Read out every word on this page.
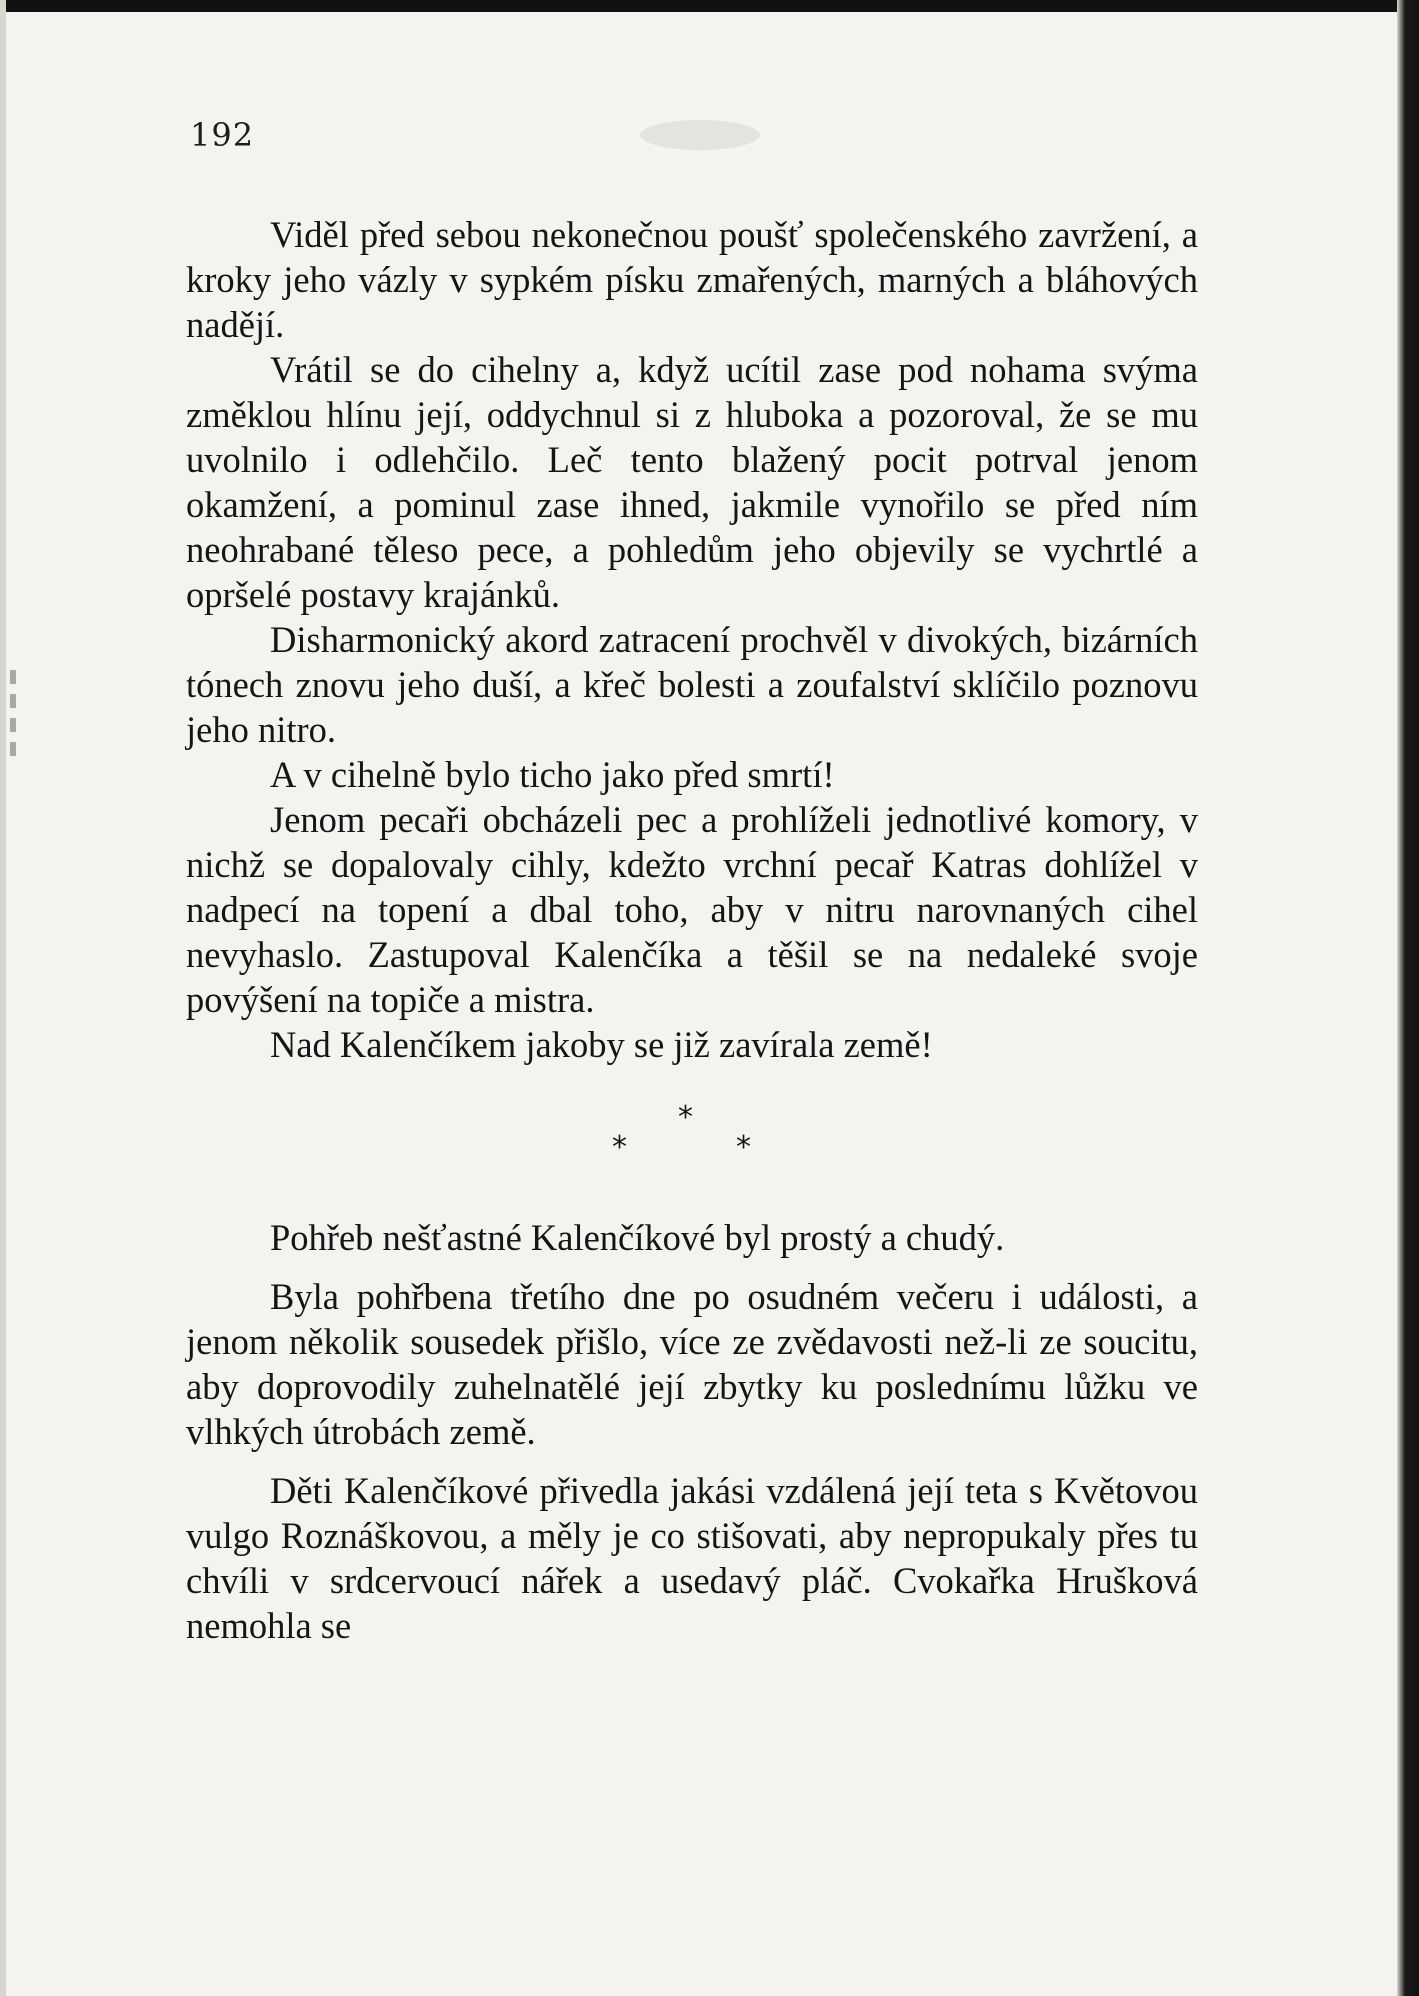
192

Viděl před sebou nekonečnou poušť společenského zavržení, a kroky jeho vázly v sypkém písku zmařených, marných a bláhových nadějí.

Vrátil se do cihelny a, když ucítil zase pod nohama svýma změklou hlínu její, oddychnul si z hluboka a pozoroval, že se mu uvolnilo i odlehčilo. Leč tento blažený pocit potrval jenom okamžení, a pominul zase ihned, jakmile vynořilo se před ním neohrabané těleso pece, a pohledům jeho objevily se vychrtlé a opršelé postavy krajánků.

Disharmonický akord zatracení prochvěl v divokých, bizárních tónech znovu jeho duší, a křeč bolesti a zoufalství sklíčilo poznovu jeho nitro.

A v cihelně bylo ticho jako před smrtí!

Jenom pecaři obcházeli pec a prohlíželi jednotlivé komory, v nichž se dopalovaly cihly, kdežto vrchní pecař Katras dohlížel v nadpecí na topení a dbal toho, aby v nitru narovnaných cihel nevyhaslo. Zastupoval Kalenčíka a těšil se na nedaleké svoje povýšení na topiče a mistra.

Nad Kalenčíkem jakoby se již zavírala země!

*
*	*

Pohřeb nešťastné Kalenčíkové byl prostý a chudý.

Byla pohřbena třetího dne po osudném večeru i události, a jenom několik sousedek přišlo, více ze zvědavosti než-li ze soucitu, aby doprovodily zuhelnatělé její zbytky ku poslednímu lůžku ve vlhkých útrobách země.

Děti Kalenčíkové přivedla jakási vzdálená její teta s Květovou vulgo Roznáškovou, a měly je co stišovati, aby nepropukaly přes tu chvíli v srdcervoucí nářek a usedavý pláč. Cvokařka Hrušková nemohla se
